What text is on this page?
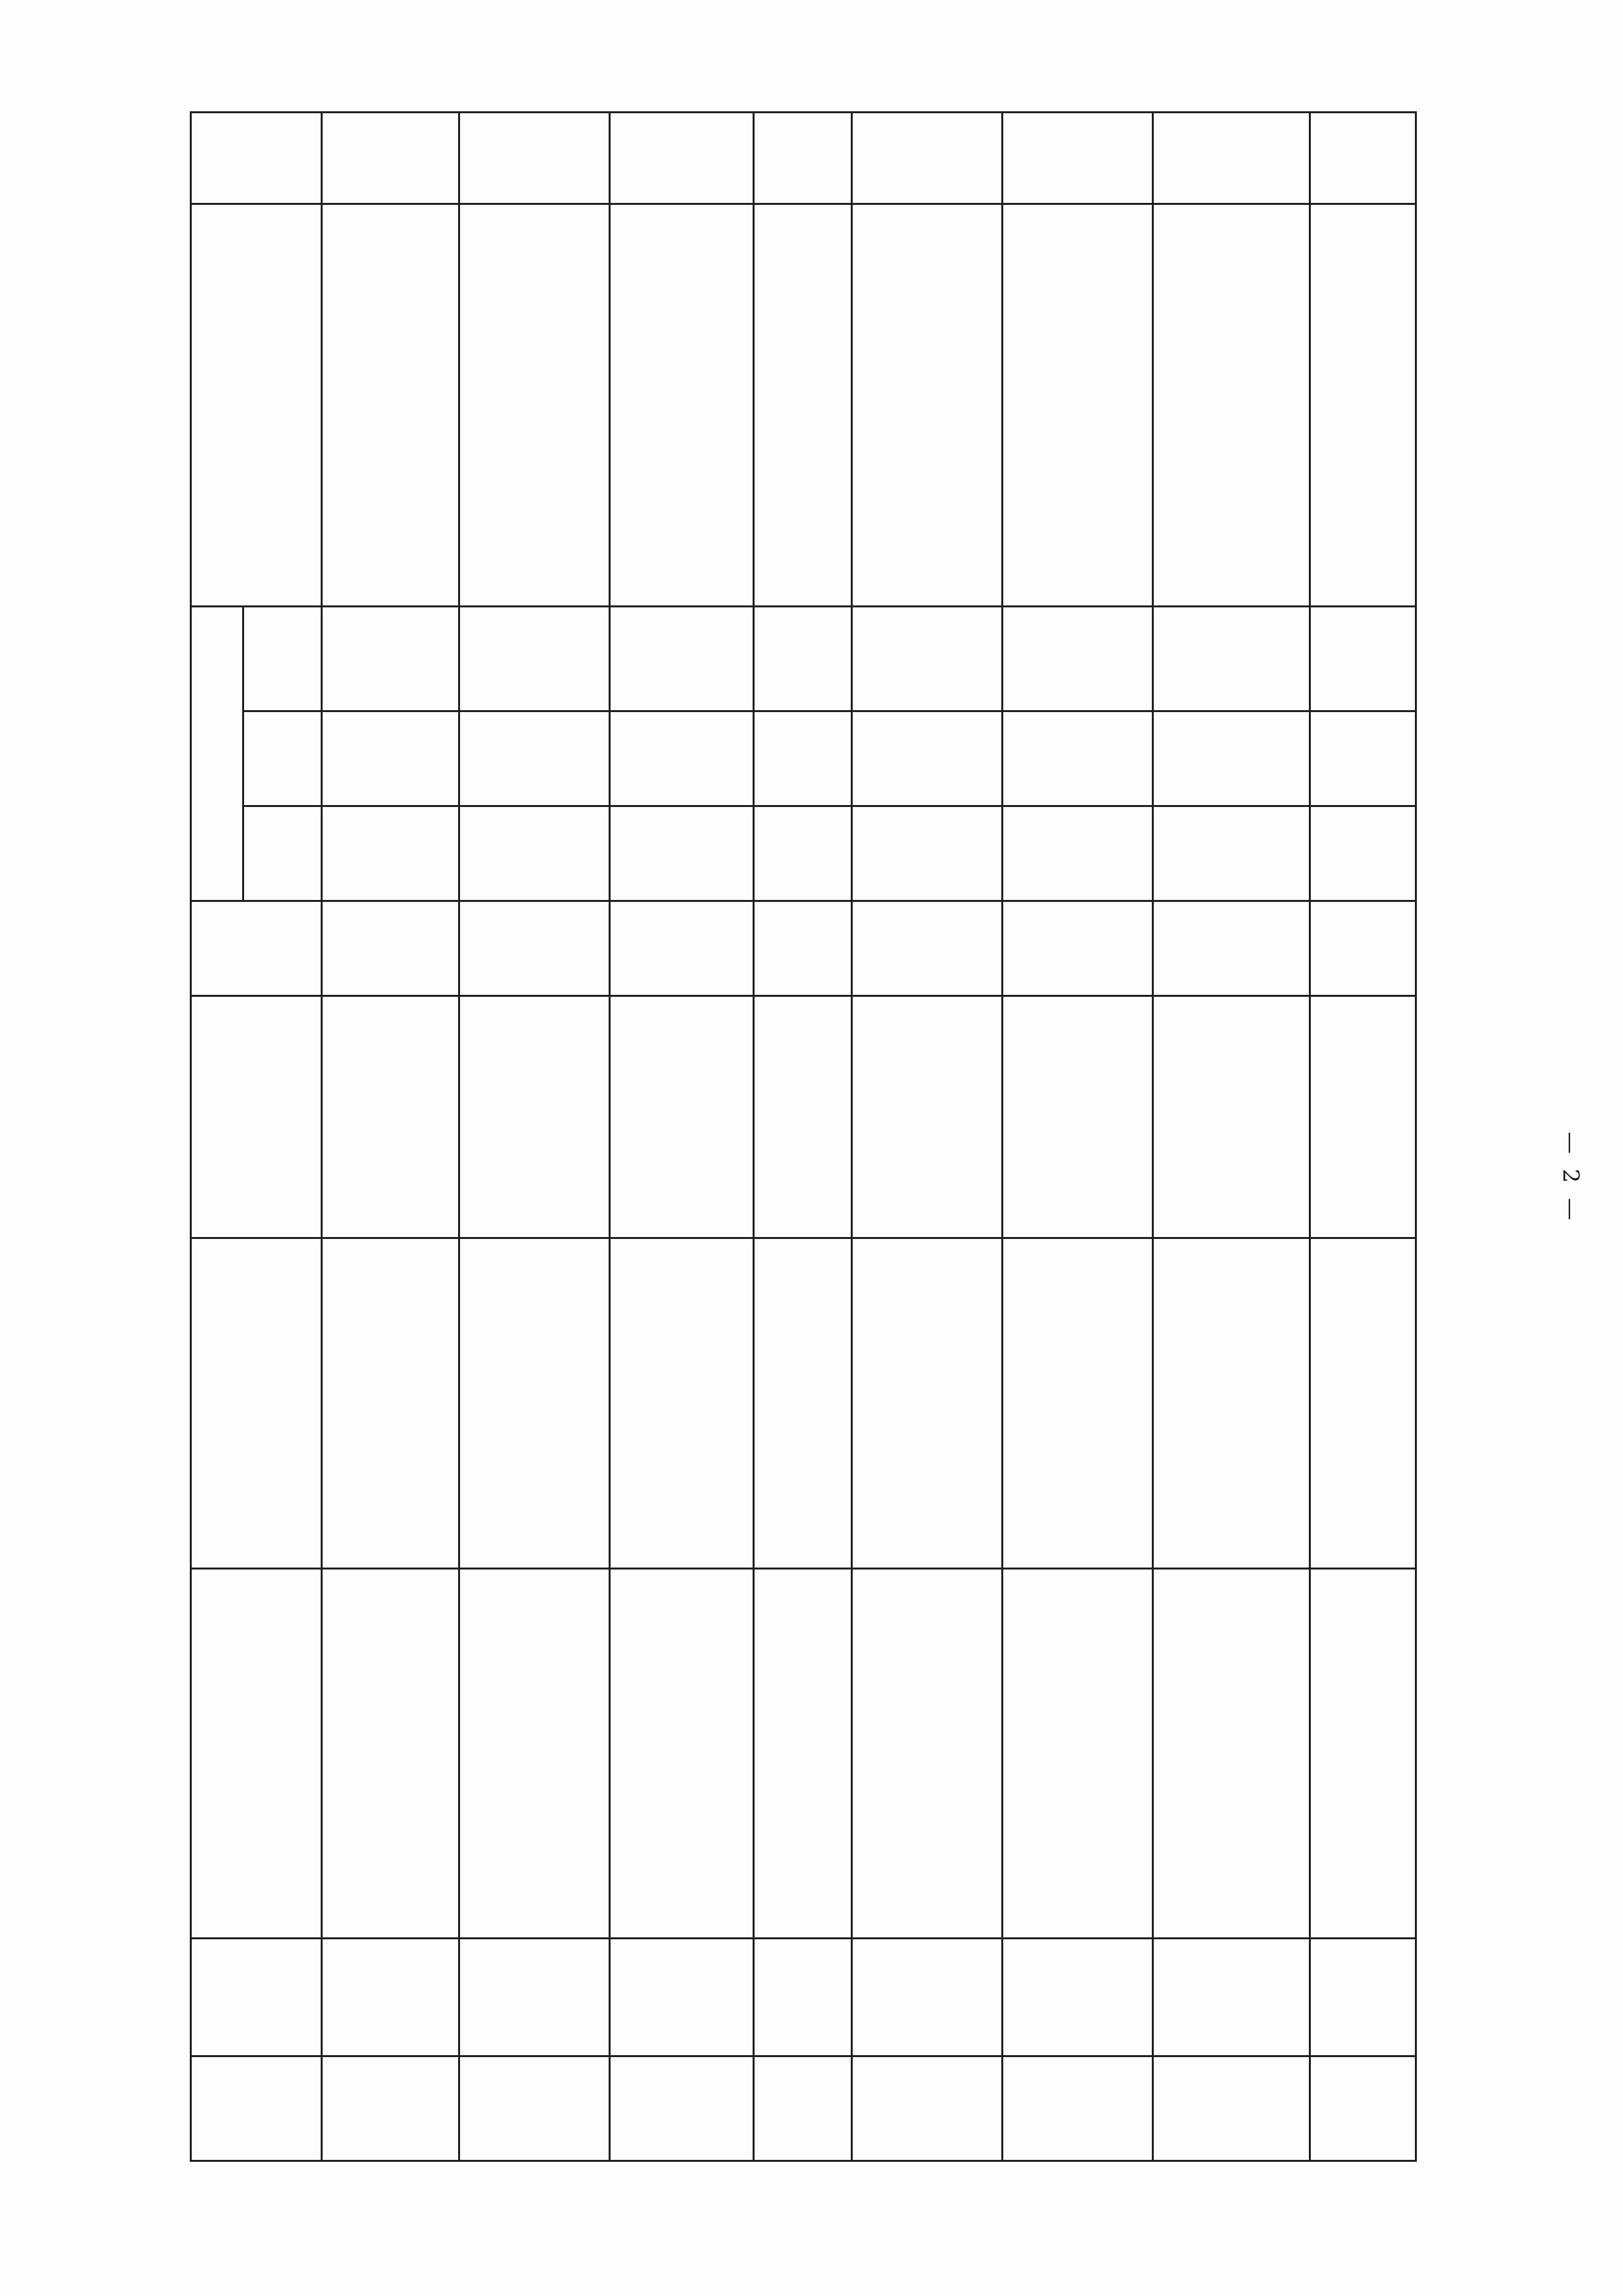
— 2 —
